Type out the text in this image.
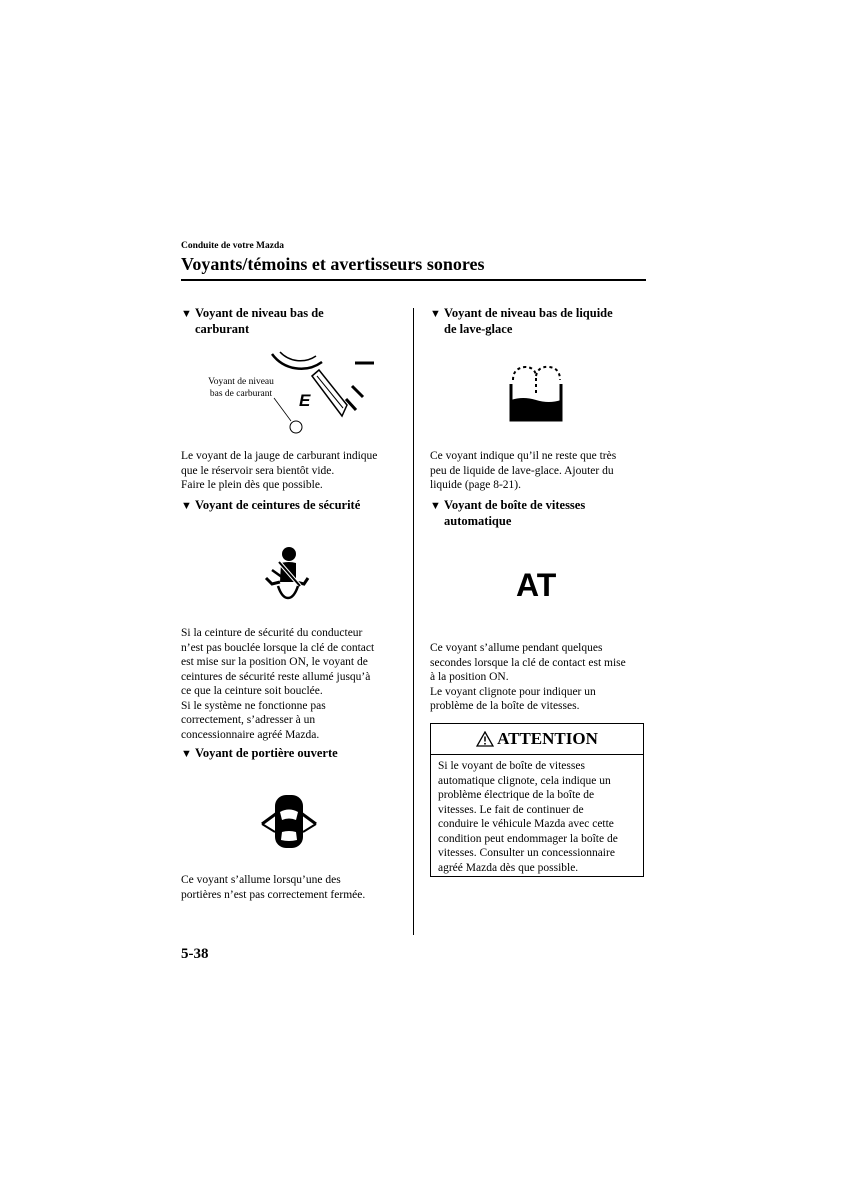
Conduite de votre Mazda
Voyants/témoins et avertisseurs sonores
▼ Voyant de niveau bas de
carburant
E
Voyant de niveau
bas de carburant

Le voyant de la jauge de carburant indique

que le réservoir sera bientôt vide.

Faire le plein dès que possible.

▼ Voyant de ceintures de sécurité

Si la ceinture de sécurité du conducteur

n’est pas bouclée lorsque la clé de contact

est mise sur la position ON, le voyant de

ceintures de sécurité reste allumé jusqu’à

ce que la ceinture soit bouclée.

Si le système ne fonctionne pas

correctement, s’adresser à un

concessionnaire agréé Mazda.

▼ Voyant de portière ouverte

Ce voyant s’allume lorsqu’une des

portières n’est pas correctement fermée.

▼ Voyant de niveau bas de liquide
de lave-glace

Ce voyant indique qu’il ne reste que très

peu de liquide de lave-glace. Ajouter du

liquide (page 8-21).

▼ Voyant de boîte de vitesses
automatique
AT

Ce voyant s’allume pendant quelques

secondes lorsque la clé de contact est mise

à la position ON.

Le voyant clignote pour indiquer un

problème de la boîte de vitesses.

ATTENTION
Si le voyant de boîte de vitesses
automatique clignote, cela indique un
problème électrique de la boîte de
vitesses. Le fait de continuer de
conduire le véhicule Mazda avec cette
condition peut endommager la boîte de
vitesses. Consulter un concessionnaire
agréé Mazda dès que possible.
5-38
